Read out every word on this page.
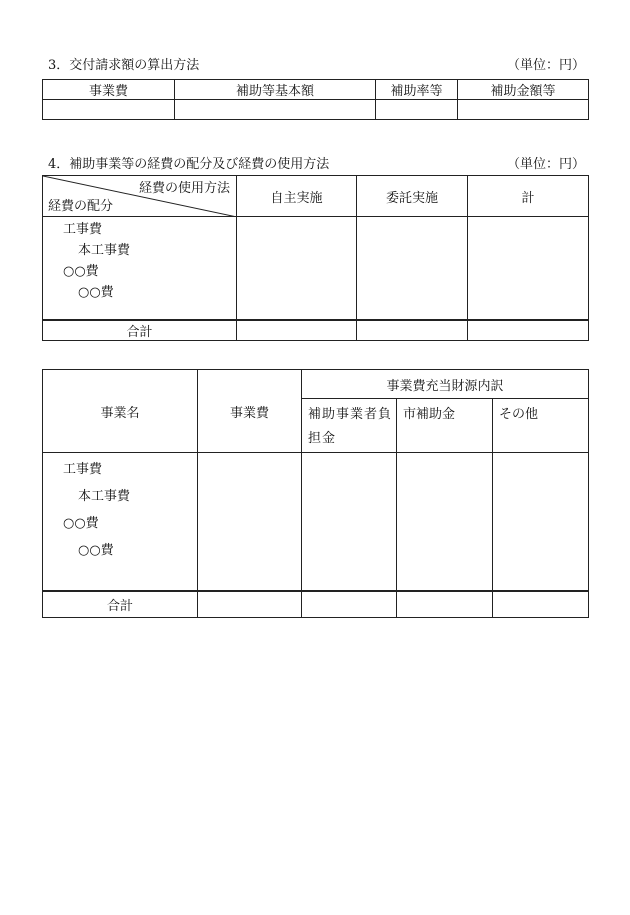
3．交付請求額の算出方法	（単位：円）
事業費	補助等基本額	補助率等	補助金額等

4．補助事業等の経費の配分及び経費の使用方法	（単位：円）
経費の使用方法
経費の配分	自主実施	委託実施	計

工事費
本工事費
○○費
○○費			

合計			
事業名	事業費	事業費充当財源内訳		
		補助事業者負担金	市補助金	その他

工事費
本工事費
○○費
○○費				

合計				
